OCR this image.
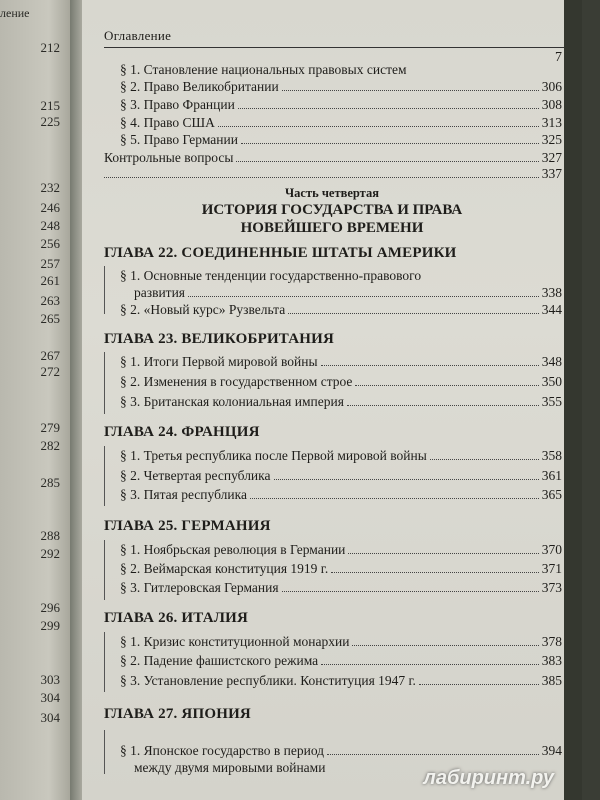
ление
212
215
225
232
246
248
256
257
261
263
265
267
272
279
282
285
288
292
296
299
303
304
304
Оглавление
7
§ 1. Становление национальных правовых систем
§ 2. Право Великобритании	306
§ 3. Право Франции	308
§ 4. Право США	313
§ 5. Право Германии	325
Контрольные вопросы	327
337
Часть четвертая
ИСТОРИЯ ГОСУДАРСТВА И ПРАВА
НОВЕЙШЕГО ВРЕМЕНИ
ГЛАВА 22. СОЕДИНЕННЫЕ ШТАТЫ АМЕРИКИ
§ 1. Основные тенденции государственно-правового
развития	338
§ 2. «Новый курс» Рузвельта	344
ГЛАВА 23. ВЕЛИКОБРИТАНИЯ
§ 1. Итоги Первой мировой войны	348
§ 2. Изменения в государственном строе	350
§ 3. Британская колониальная империя	355
ГЛАВА 24. ФРАНЦИЯ
§ 1. Третья республика после Первой мировой войны	358
§ 2. Четвертая республика	361
§ 3. Пятая республика	365
ГЛАВА 25. ГЕРМАНИЯ
§ 1. Ноябрьская революция в Германии	370
§ 2. Веймарская конституция 1919 г.	371
§ 3. Гитлеровская Германия	373
ГЛАВА 26. ИТАЛИЯ
§ 1. Кризис конституционной монархии	378
§ 2. Падение фашистского режима	383
§ 3. Установление республики. Конституция 1947 г.	385
ГЛАВА 27. ЯПОНИЯ
§ 1. Японское государство в период	394
между двумя мировыми войнами	лабиринт.ру
